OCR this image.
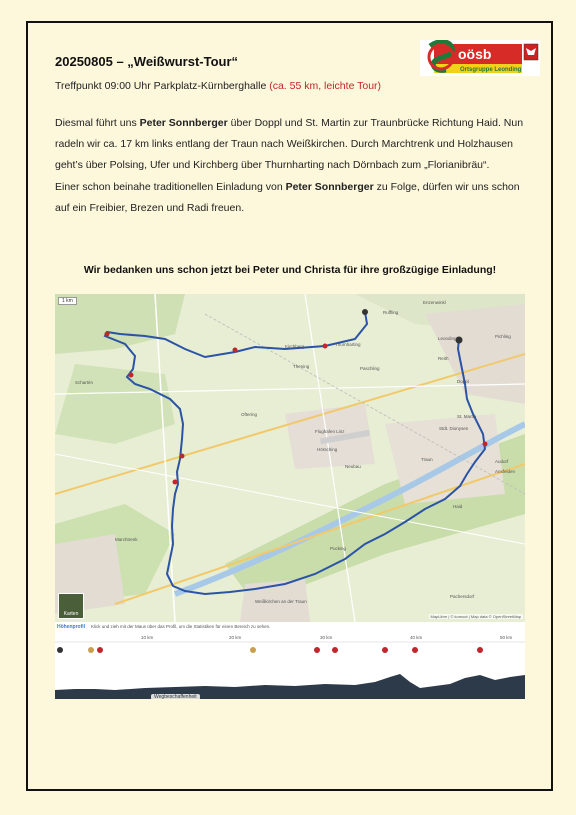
20250805 – „Weißwurst-Tour“
Treffpunkt 09:00 Uhr Parkplatz-Kürnberghalle (ca. 55 km, leichte Tour)
oösb
Ortsgruppe Leonding

Diesmal führt uns Peter Sonnberger über Doppl und St. Martin zur Traunbrücke Richtung Haid. Nun radeln wir ca. 17 km links entlang der Traun nach Weißkirchen. Durch Marchtrenk und Holzhausen geht’s über Polsing, Ufer und Kirchberg über Thurnharting nach Dörnbach zum „Florianibräu“.

Einer schon beinahe traditionellen Einladung von Peter Sonnberger zu Folge, dürfen wir uns schon auf ein Freibier, Brezen und Radi freuen.

Wir bedanken uns schon jetzt bei Peter und Christa für ihre großzügige Einladung!
Ruffling
Leonding
Thurnharting
Kirchberg
Thening	Paschling
Schartén
Oftering
Hörsching
Neubau
Traun
Doppl
St. Martin
Reith
Marchtrenk
Pucking
Weißkirchen an der Traun
Ansfelden
Haid
Pichling
Flughafen Linz
Pachersdorf
Stdt. Dionysen
Audorf
Enzenwinkl
1 km
Karten	MapLibre | © komoot | Map data © OpenStreetMap
Höhenprofil Klick und zieh mit der Maus über das Profil, um die Statistiken für einen Bereich zu sehen.
10 km	20 km	30 km	40 km	50 km
Wegbeschaffenheit
